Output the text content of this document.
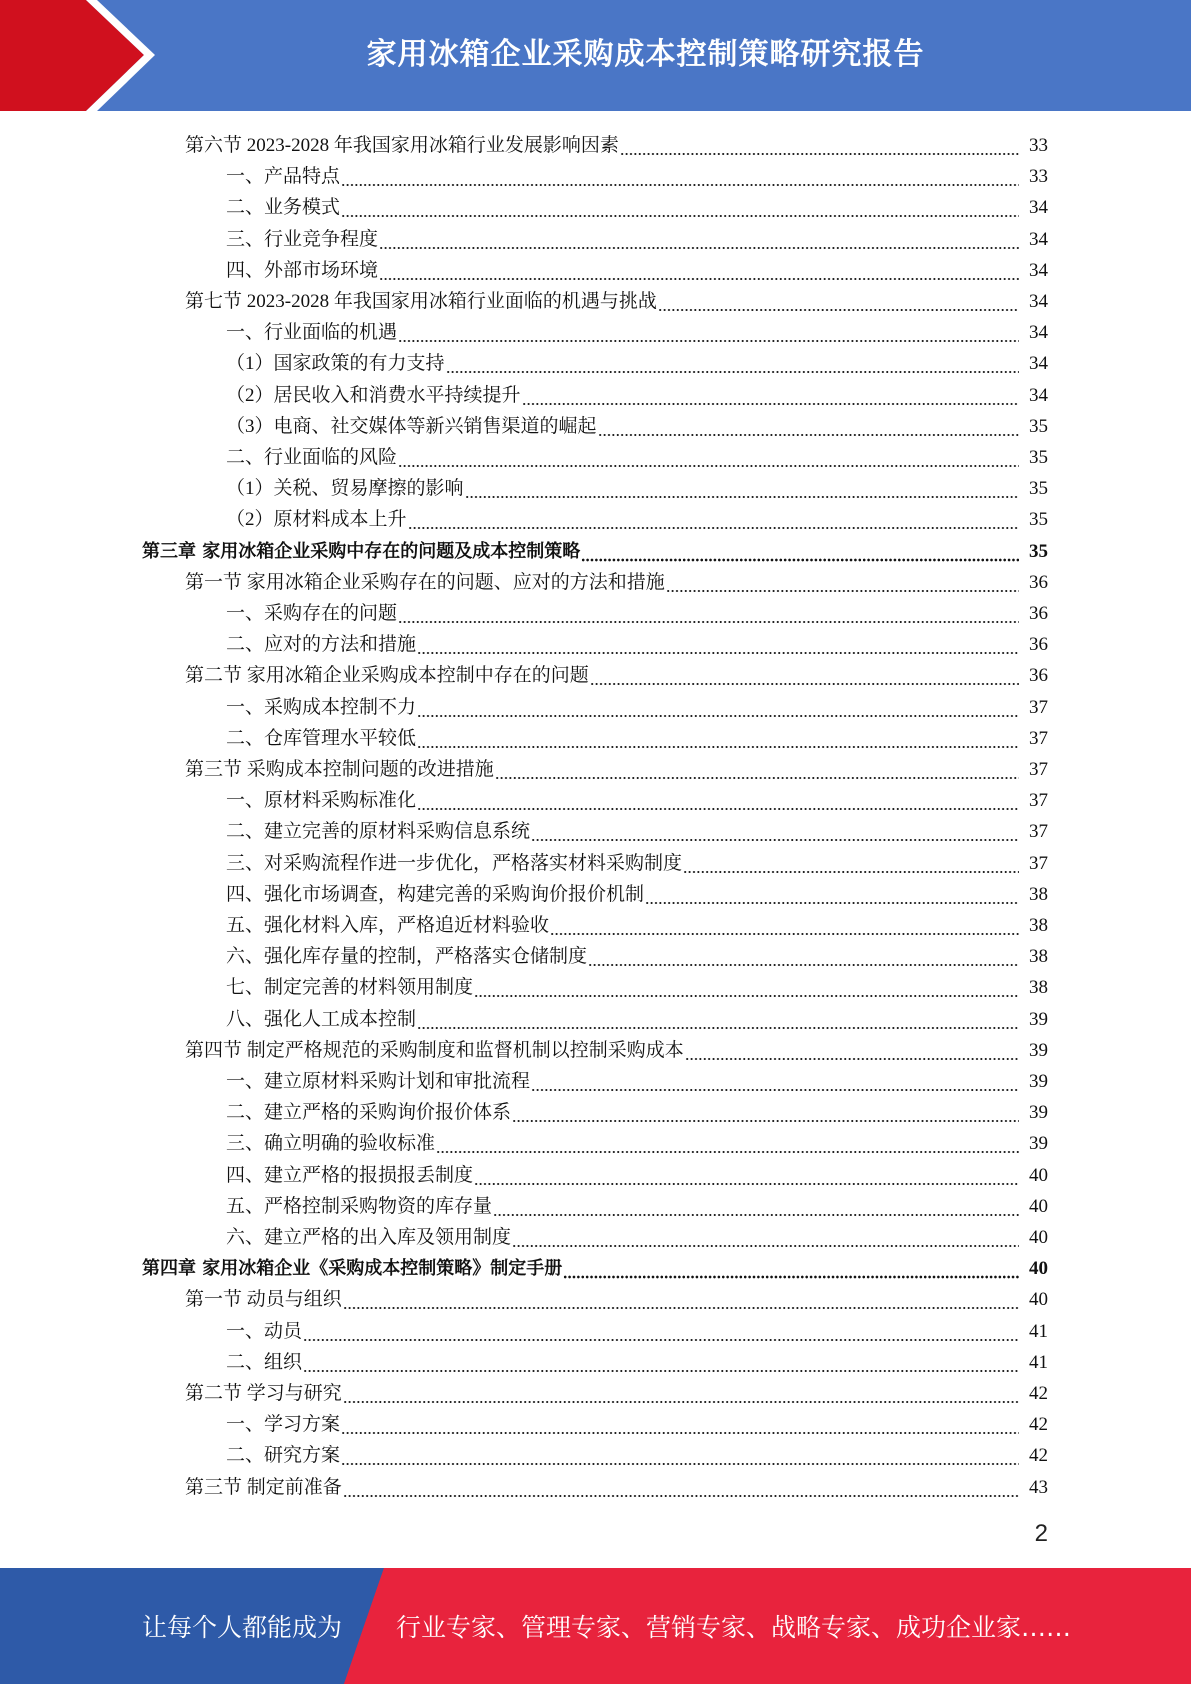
家用冰箱企业采购成本控制策略研究报告
第六节 2023-2028 年我国家用冰箱行业发展影响因素	33
一、产品特点	33
二、业务模式	34
三、行业竞争程度	34
四、外部市场环境	34
第七节 2023-2028 年我国家用冰箱行业面临的机遇与挑战	34
一、行业面临的机遇	34
（1）国家政策的有力支持	34
（2）居民收入和消费水平持续提升	34
（3）电商、社交媒体等新兴销售渠道的崛起	35
二、行业面临的风险	35
（1）关税、贸易摩擦的影响	35
（2）原材料成本上升	35
第三章 家用冰箱企业采购中存在的问题及成本控制策略	35
第一节 家用冰箱企业采购存在的问题、应对的方法和措施	36
一、采购存在的问题	36
二、应对的方法和措施	36
第二节 家用冰箱企业采购成本控制中存在的问题	36
一、采购成本控制不力	37
二、仓库管理水平较低	37
第三节 采购成本控制问题的改进措施	37
一、原材料采购标准化	37
二、建立完善的原材料采购信息系统	37
三、对采购流程作进一步优化，严格落实材料采购制度	37
四、强化市场调查，构建完善的采购询价报价机制	38
五、强化材料入库，严格追近材料验收	38
六、强化库存量的控制，严格落实仓储制度	38
七、制定完善的材料领用制度	38
八、强化人工成本控制	39
第四节 制定严格规范的采购制度和监督机制以控制采购成本	39
一、建立原材料采购计划和审批流程	39
二、建立严格的采购询价报价体系	39
三、确立明确的验收标准	39
四、建立严格的报损报丢制度	40
五、严格控制采购物资的库存量	40
六、建立严格的出入库及领用制度	40
第四章 家用冰箱企业《采购成本控制策略》制定手册	40
第一节 动员与组织	40
一、动员	41
二、组织	41
第二节 学习与研究	42
一、学习方案	42
二、研究方案	42
第三节 制定前准备	43
2
让每个人都能成为 行业专家、管理专家、营销专家、战略专家、成功企业家……
